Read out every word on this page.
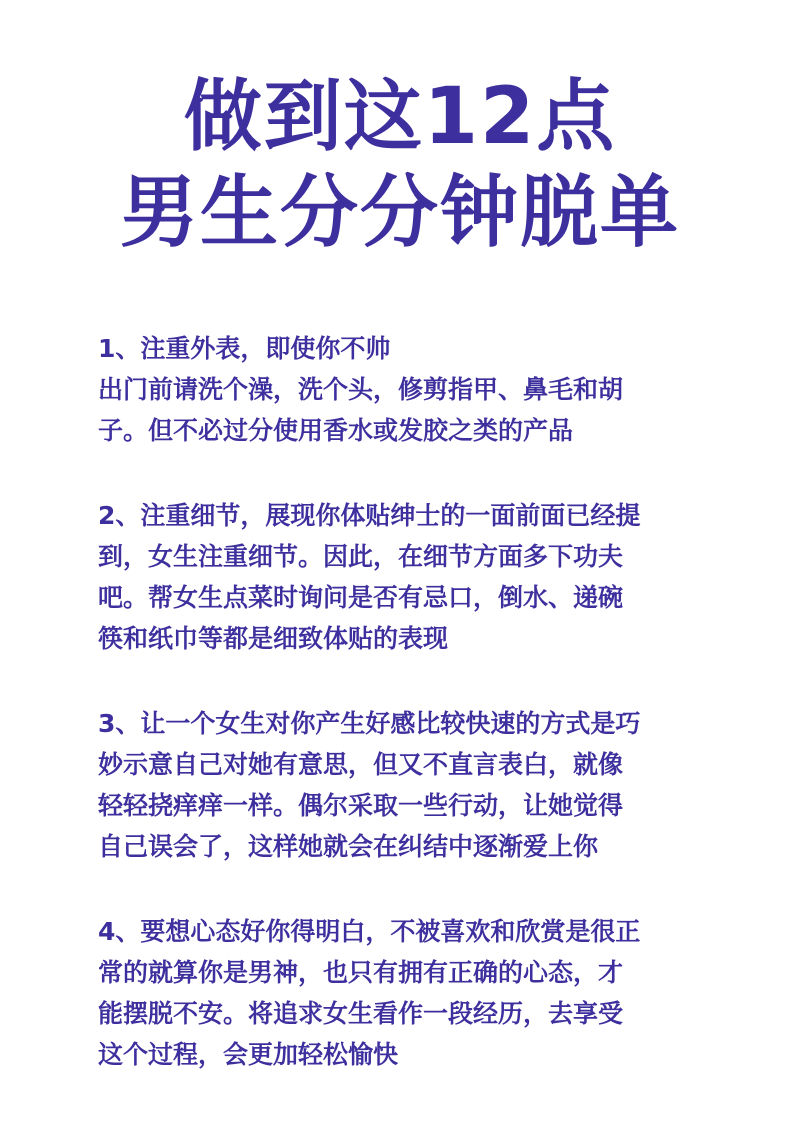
做到这12点
男生分分钟脱单

1、注重外表，即使你不帅

出门前请洗个澡，洗个头，修剪指甲、鼻毛和胡

子。但不必过分使用香水或发胶之类的产品

2、注重细节，展现你体贴绅士的一面前面已经提

到，女生注重细节。因此，在细节方面多下功夫

吧。帮女生点菜时询问是否有忌口，倒水、递碗

筷和纸巾等都是细致体贴的表现

3、让一个女生对你产生好感比较快速的方式是巧

妙示意自己对她有意思，但又不直言表白，就像

轻轻挠痒痒一样。偶尔采取一些行动，让她觉得

自己误会了，这样她就会在纠结中逐渐爱上你

4、要想心态好你得明白，不被喜欢和欣赏是很正

常的就算你是男神，也只有拥有正确的心态，才

能摆脱不安。将追求女生看作一段经历，去享受

这个过程，会更加轻松愉快
